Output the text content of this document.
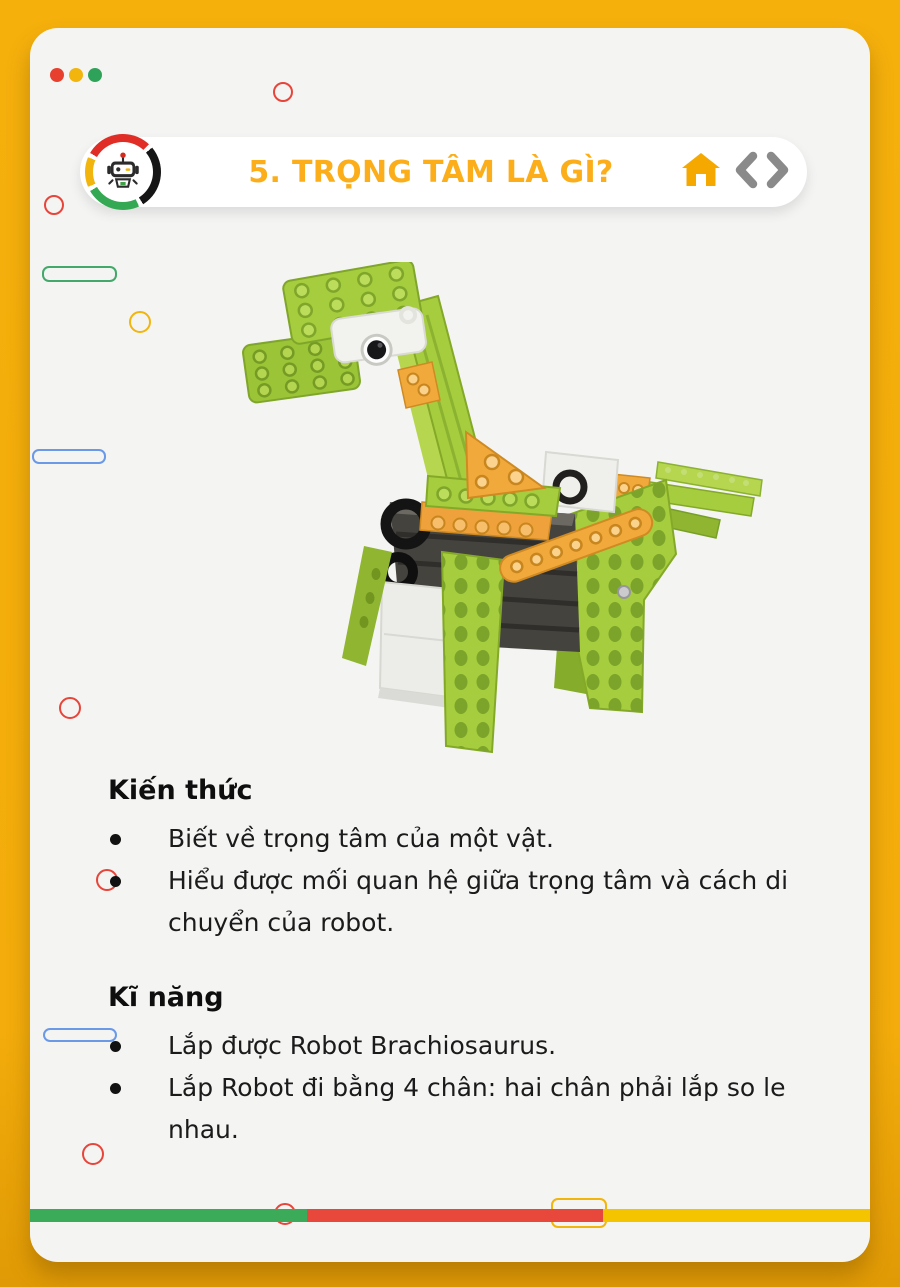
5. TRỌNG TÂM LÀ GÌ?
Kiến thức
Biết về trọng tâm của một vật.
Hiểu được mối quan hệ giữa trọng tâm và cách di chuyển của robot.
Kĩ năng
Lắp được Robot Brachiosaurus.
Lắp Robot đi bằng 4 chân: hai chân phải lắp so le nhau.
